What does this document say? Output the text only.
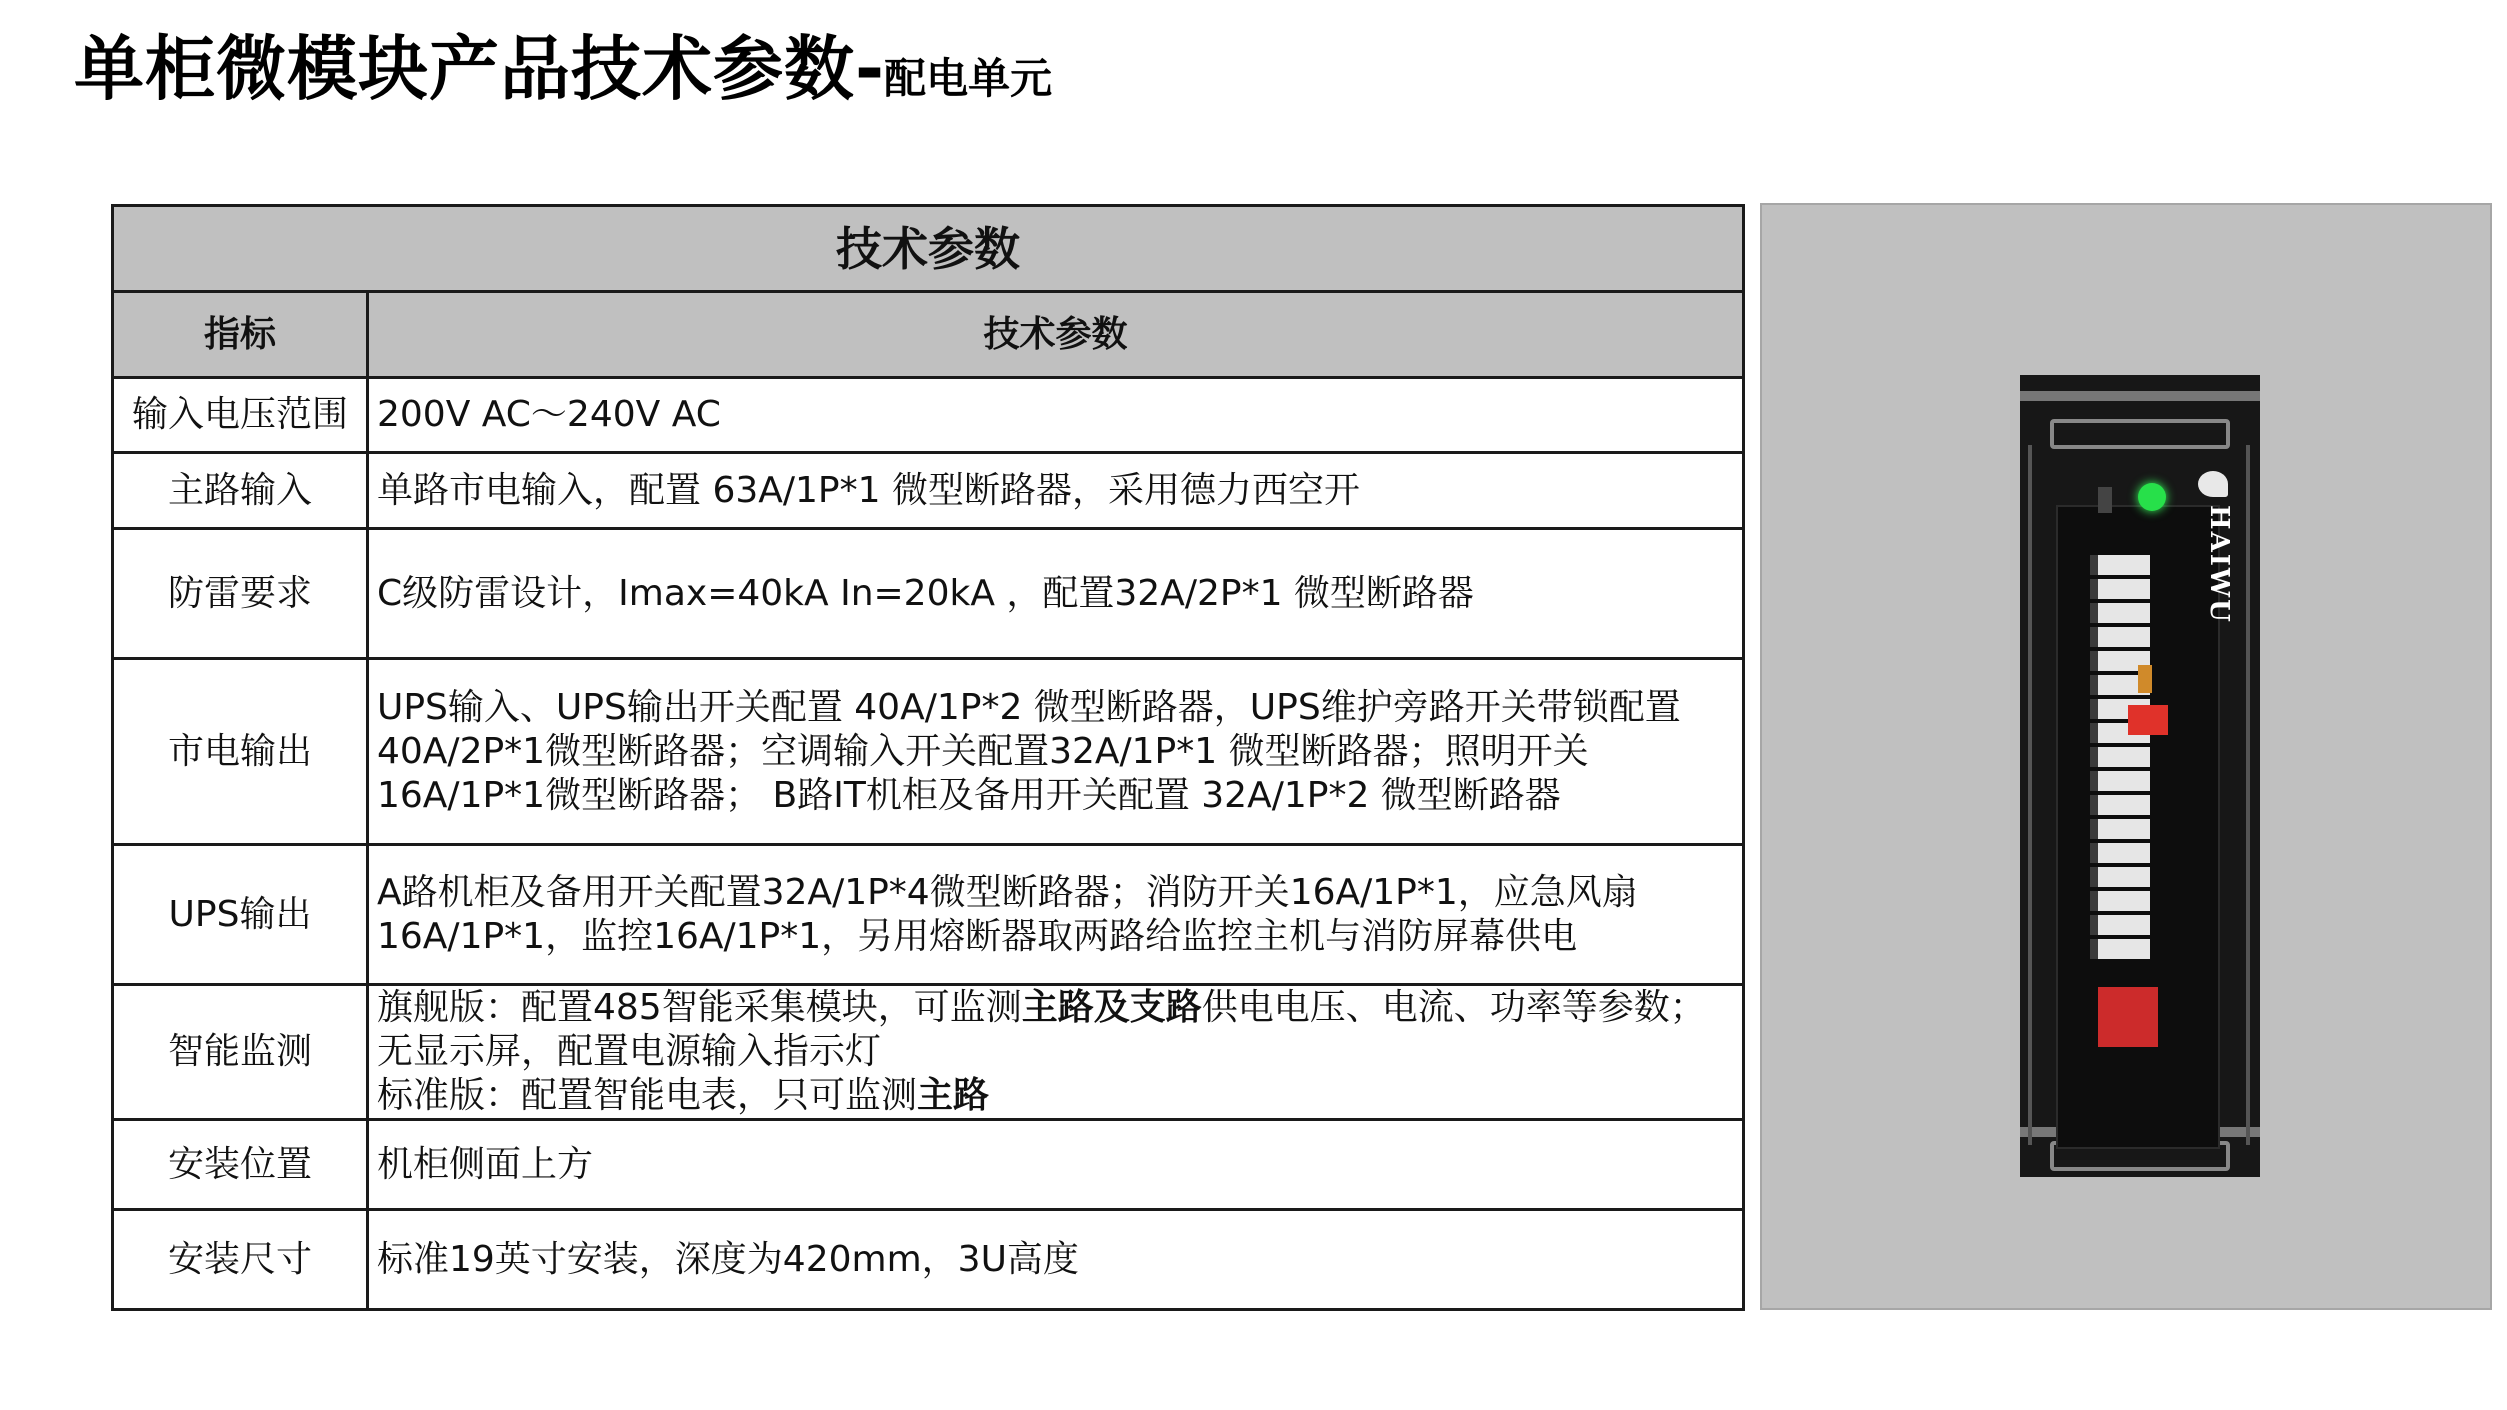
单柜微模块产品技术参数-配电单元
技术参数	
指标	技术参数
输入电压范围	200V AC～240V AC

主路输入	单路市电输入，配置 63A/1P*1 微型断路器，采用德力西空开

防雷要求	C级防雷设计，Imax=40kA In=20kA ，配置32A/2P*1 微型断路器

市电输出	UPS输入、UPS输出开关配置 40A/1P*2 微型断路器，UPS维护旁路开关带锁配置
40A/2P*1微型断路器；空调输入开关配置32A/1P*1 微型断路器；照明开关
16A/1P*1微型断路器； B路IT机柜及备用开关配置 32A/1P*2 微型断路器

UPS输出	A路机柜及备用开关配置32A/1P*4微型断路器；消防开关16A/1P*1，应急风扇
16A/1P*1，监控16A/1P*1，另用熔断器取两路给监控主机与消防屏幕供电

智能监测	旗舰版：配置485智能采集模块，可监测主路及支路供电电压、电流、功率等参数；
无显示屏，配置电源输入指示灯
标准版：配置智能电表，只可监测主路

安装位置	机柜侧面上方

安装尺寸	标准19英寸安装，深度为420mm，3U高度
HAIWU
